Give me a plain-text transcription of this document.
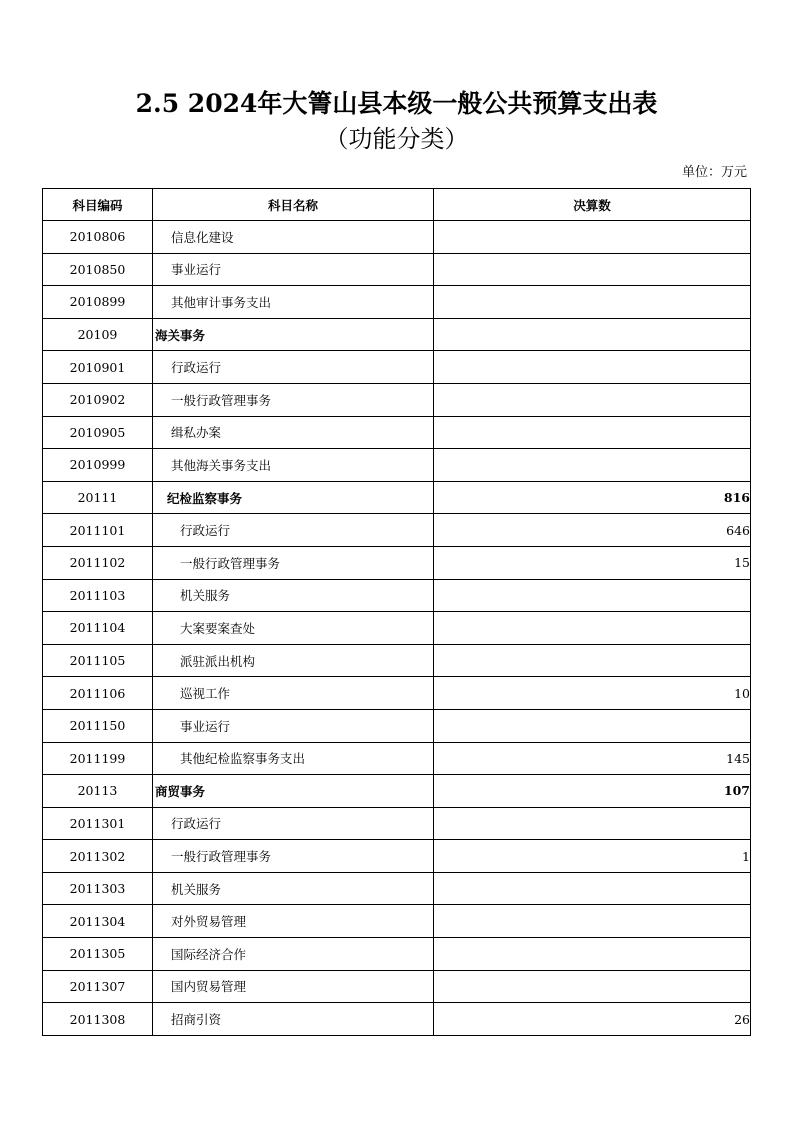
2.5 2024年大箐山县本级一般公共预算支出表
（功能分类）
单位：万元
科目编码	科目名称	决算数
2010806	信息化建设	
2010850	事业运行	
2010899	其他审计事务支出	
20109	海关事务	
2010901	行政运行	
2010902	一般行政管理事务	
2010905	缉私办案	
2010999	其他海关事务支出	
20111	纪检监察事务	816
2011101	行政运行	646
2011102	一般行政管理事务	15
2011103	机关服务	
2011104	大案要案查处	
2011105	派驻派出机构	
2011106	巡视工作	10
2011150	事业运行	
2011199	其他纪检监察事务支出	145
20113	商贸事务	107
2011301	行政运行	
2011302	一般行政管理事务	1
2011303	机关服务	
2011304	对外贸易管理	
2011305	国际经济合作	
2011307	国内贸易管理	
2011308	招商引资	26
